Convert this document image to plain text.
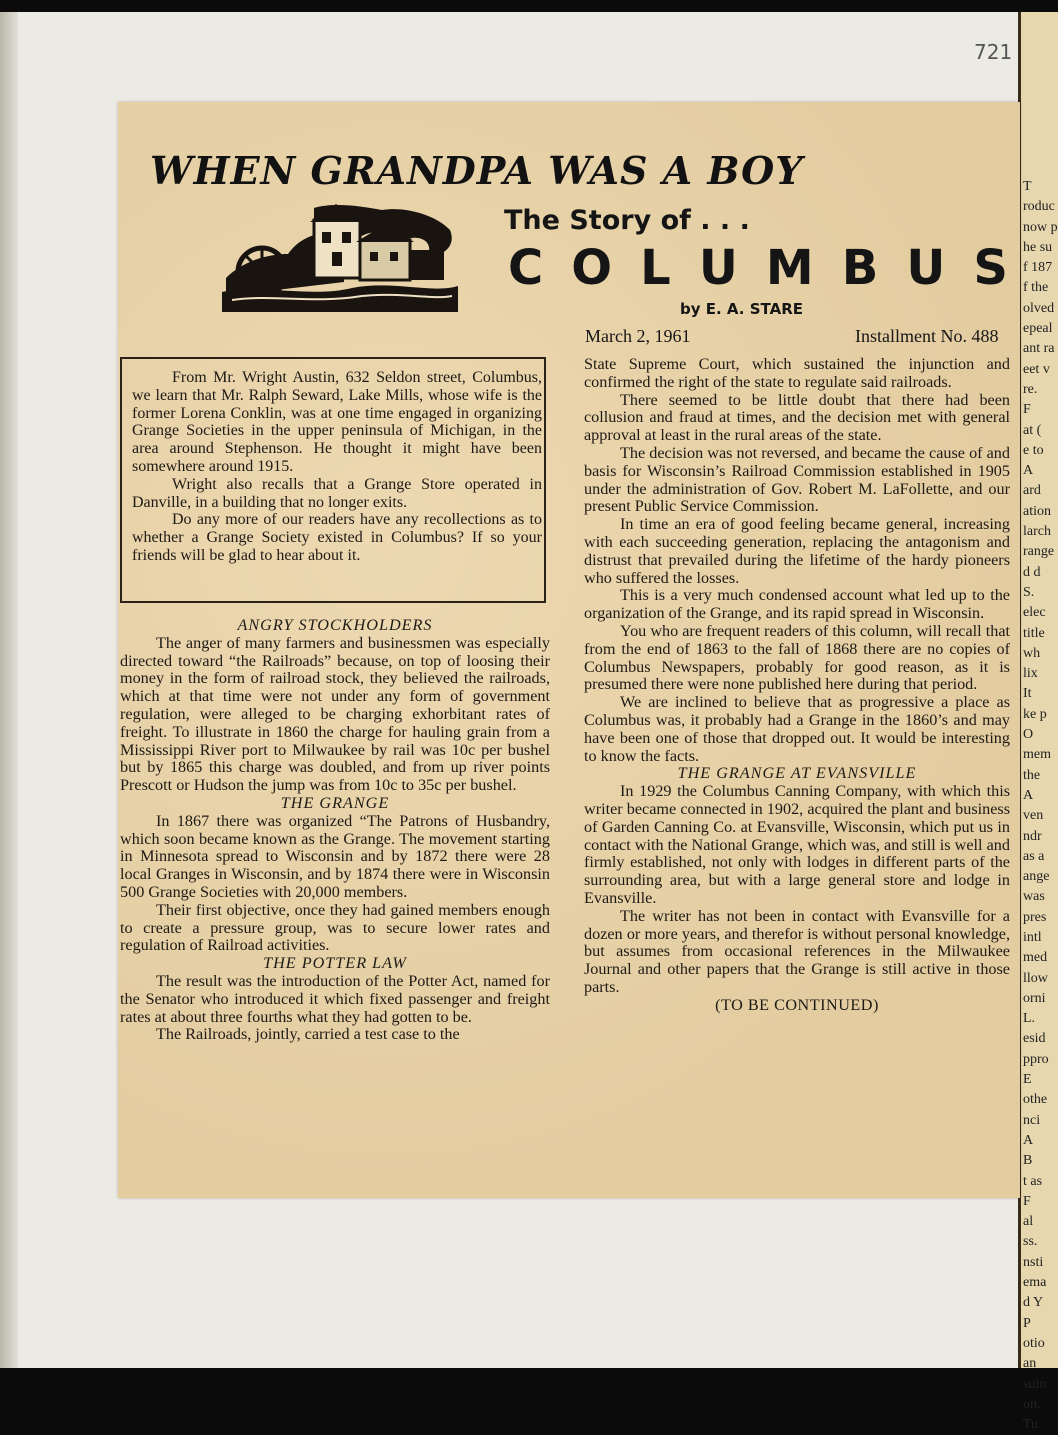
721
T
roduc
now p
he su
f 187
f the
olved
epeal
ant ra
eet v
re.
F
at (
e to
A
ard
ation
larch
range
d d
S.
elec
title
wh
lix
It
ke p
O
mem
the
A
ven
ndr
as a
ange
was
pres
intl
med
llow
orni
L.
esid
ppro
E
othe
nci
A
B
t as
F
al
ss.
nsti
ema
d Y
P
otio
an
suin
on.
Tu
WHEN GRANDPA WAS A BOY
The Story of . . .
C O L U M B U S
by E. A. STARE
March 2, 1961	Installment No. 488

From Mr. Wright Austin, 632 Seldon street, Columbus, we learn that Mr. Ralph Seward, Lake Mills, whose wife is the former Lorena Conklin, was at one time engaged in organizing Grange Societies in the upper peninsula of Michigan, in the area around Stephenson. He thought it might have been somewhere around 1915.

Wright also recalls that a Grange Store operated in Danville, in a building that no longer exits.

Do any more of our readers have any recollections as to whether a Grange Society existed in Columbus? If so your friends will be glad to hear about it.

ANGRY STOCKHOLDERS

The anger of many farmers and businessmen was especially directed toward “the Railroads” because, on top of loosing their money in the form of railroad stock, they believed the railroads, which at that time were not under any form of government regulation, were alleged to be charging exhorbitant rates of freight. To illustrate in 1860 the charge for hauling grain from a Mississippi River port to Milwaukee by rail was 10c per bushel but by 1865 this charge was doubled, and from up river points Prescott or Hudson the jump was from 10c to 35c per bushel.

THE GRANGE

In 1867 there was organized “The Patrons of Husbandry, which soon became known as the Grange. The movement starting in Minnesota spread to Wisconsin and by 1872 there were 28 local Granges in Wisconsin, and by 1874 there were in Wisconsin 500 Grange Societies with 20,000 members.

Their first objective, once they had gained members enough to create a pressure group, was to secure lower rates and regulation of Railroad activities.

THE POTTER LAW

The result was the introduction of the Potter Act, named for the Senator who introduced it which fixed passenger and freight rates at about three fourths what they had gotten to be.

The Railroads, jointly, carried a test case to the

State Supreme Court, which sustained the injunction and confirmed the right of the state to regulate said railroads.

There seemed to be little doubt that there had been collusion and fraud at times, and the decision met with general approval at least in the rural areas of the state.

The decision was not reversed, and became the cause of and basis for Wisconsin’s Railroad Commission established in 1905 under the administration of Gov. Robert M. LaFollette, and our present Public Service Commission.

In time an era of good feeling became general, increasing with each succeeding generation, replacing the antagonism and distrust that prevailed during the lifetime of the hardy pioneers who suffered the losses.

This is a very much condensed account what led up to the organization of the Grange, and its rapid spread in Wisconsin.

You who are frequent readers of this column, will recall that from the end of 1863 to the fall of 1868 there are no copies of Columbus Newspapers, probably for good reason, as it is presumed there were none published here during that period.

We are inclined to believe that as progressive a place as Columbus was, it probably had a Grange in the 1860’s and may have been one of those that dropped out. It would be interesting to know the facts.

THE GRANGE AT EVANSVILLE

In 1929 the Columbus Canning Company, with which this writer became connected in 1902, acquired the plant and business of Garden Canning Co. at Evansville, Wisconsin, which put us in contact with the National Grange, which was, and still is well and firmly established, not only with lodges in different parts of the surrounding area, but with a large general store and lodge in Evansville.

The writer has not been in contact with Evansville for a dozen or more years, and therefor is without personal knowledge, but assumes from occasional references in the Milwaukee Journal and other papers that the Grange is still active in those parts.

(TO BE CONTINUED)
